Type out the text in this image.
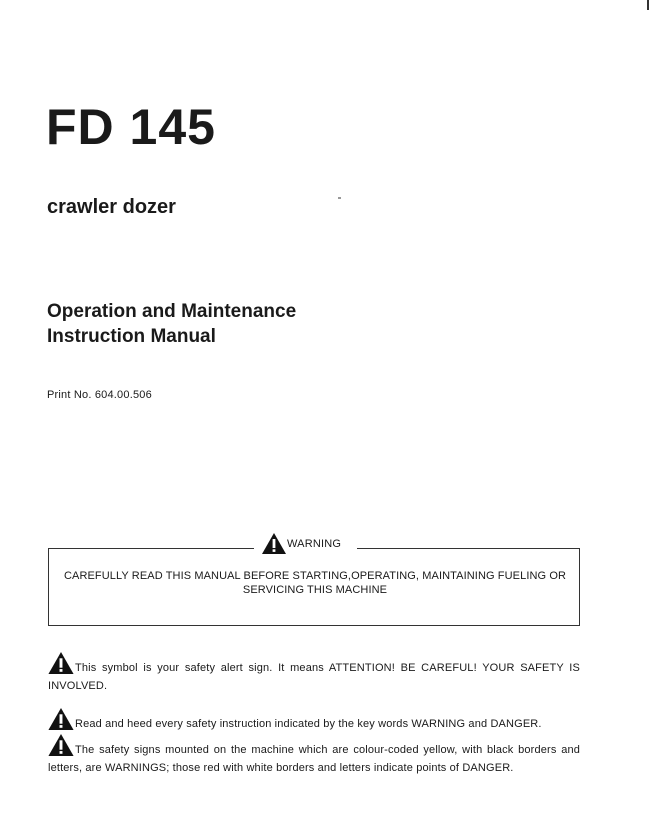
FD 145
crawler dozer
Operation and Maintenance
Instruction Manual
Print No. 604.00.506
WARNING
CAREFULLY READ THIS MANUAL BEFORE STARTING,OPERATING, MAINTAINING FUELING OR SERVICING THIS MACHINE
This symbol is your safety alert sign. It means ATTENTION! BE CAREFUL! YOUR SAFETY IS INVOLVED.
Read and heed every safety instruction indicated by the key words WARNING and DANGER.
The safety signs mounted on the machine which are colour-coded yellow, with black borders and letters, are WARNINGS; those red with white borders and letters indicate points of DANGER.
